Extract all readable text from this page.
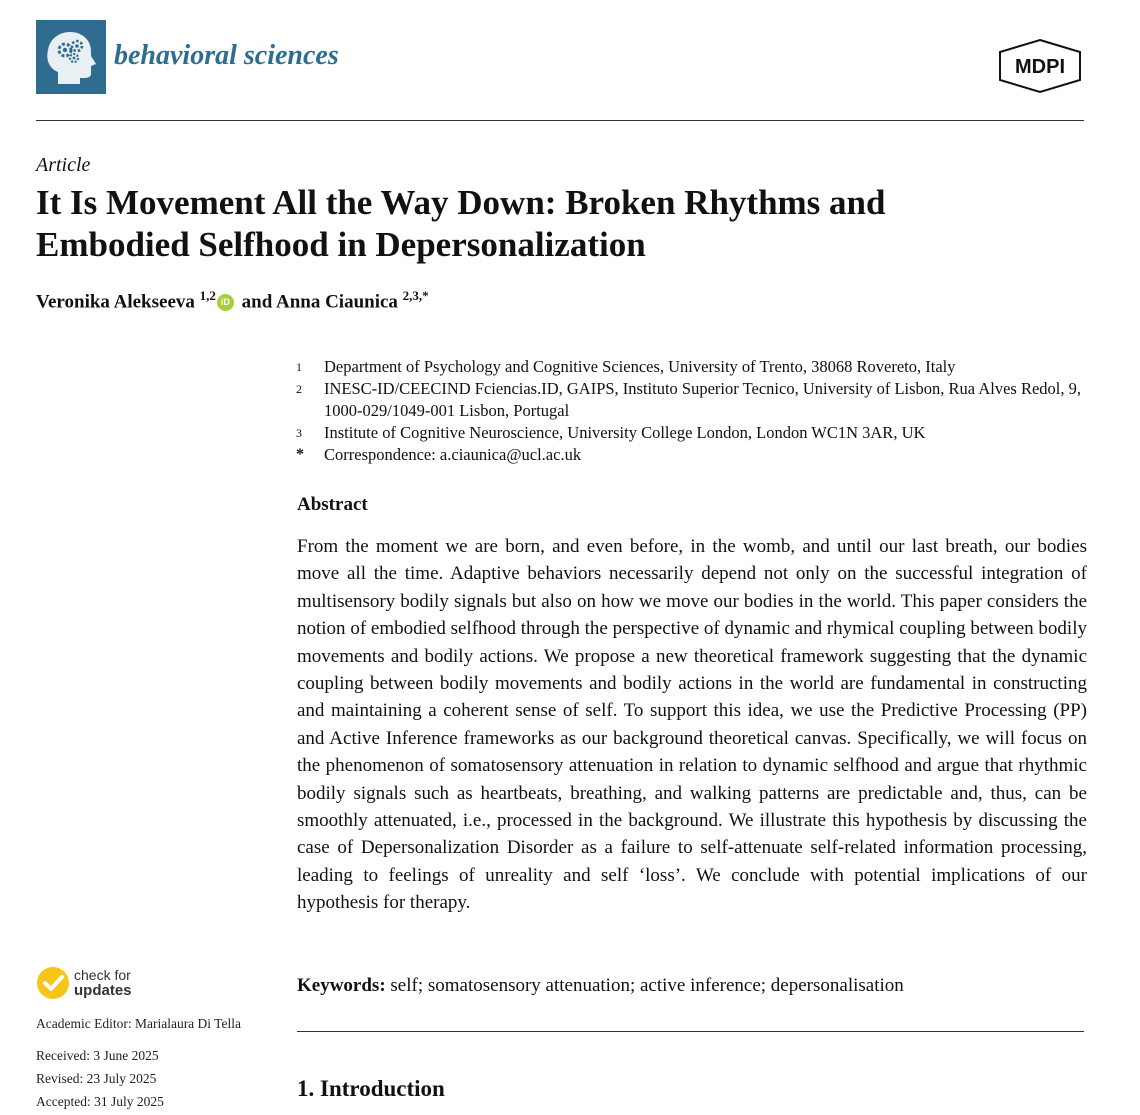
behavioral sciences	MDPI
Article
It Is Movement All the Way Down: Broken Rhythms and Embodied Selfhood in Depersonalization
Veronika Alekseeva $^{1,2}$ iD and Anna Ciaunica $^{2,3,*}$
1	Department of Psychology and Cognitive Sciences, University of Trento, 38068 Rovereto, Italy
2	INESC-ID/CEECIND Fciencias.ID, GAIPS, Instituto Superior Tecnico, University of Lisbon, Rua Alves Redol, 9, 1000-029/1049-001 Lisbon, Portugal
3	Institute of Cognitive Neuroscience, University College London, London WC1N 3AR, UK
*	Correspondence: a.ciaunica@ucl.ac.uk
Abstract

From the moment we are born, and even before, in the womb, and until our last breath, our bodies move all the time. Adaptive behaviors necessarily depend not only on the successful integration of multisensory bodily signals but also on how we move our bodies in the world. This paper considers the notion of embodied selfhood through the perspective of dynamic and rhymical coupling between bodily movements and bodily actions. We propose a new theoretical framework suggesting that the dynamic coupling between bodily movements and bodily actions in the world are fundamental in constructing and maintaining a coherent sense of self. To support this idea, we use the Predictive Processing (PP) and Active Inference frameworks as our background theoretical canvas. Specifically, we will focus on the phenomenon of somatosensory attenuation in relation to dynamic selfhood and argue that rhythmic bodily signals such as heartbeats, breathing, and walking patterns are predictable and, thus, can be smoothly attenuated, i.e., processed in the background. We illustrate this hypothesis by discussing the case of Depersonalization Disorder as a failure to self-attenuate self-related information processing, leading to feelings of unreality and self ‘loss’. We conclude with potential implications of our hypothesis for therapy.

Keywords: self; somatosensory attenuation; active inference; depersonalisation
1. Introduction
check for
updates
Academic Editor: Marialaura Di Tella
Received: 3 June 2025
Revised: 23 July 2025
Accepted: 31 July 2025
